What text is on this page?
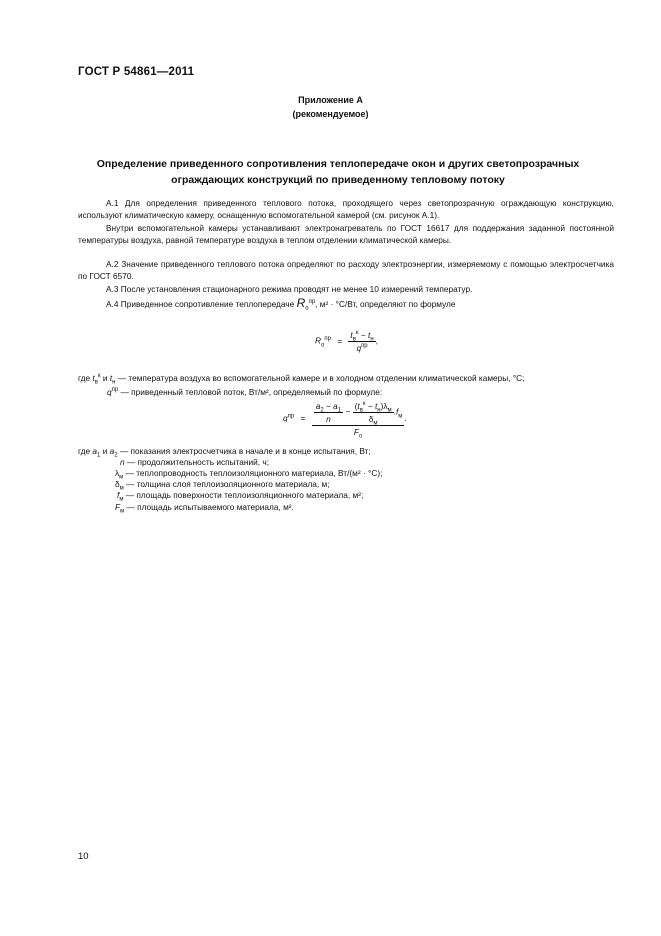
ГОСТ Р 54861—2011
Приложение А
(рекомендуемое)
Определение приведенного сопротивления теплопередаче окон и других светопрозрачных
ограждающих конструкций по приведенному тепловому потоку
А.1 Для определения приведенного теплового потока, проходящего через светопрозрачную ограждающую конструкцию, используют климатическую камеру, оснащенную вспомогательной камерой (см. рисунок А.1).
Внутри вспомогательной камеры устанавливают электронагреватель по ГОСТ 16617 для поддержания заданной постоянной температуры воздуха, равной температуре воздуха в теплом отделении климатической камеры.
А.2 Значение приведенного теплового потока определяют по расходу электроэнергии, измеряемому с помощью электросчетчика по ГОСТ 6570.
А.3 После установления стационарного режима проводят не менее 10 измерений температур.
А.4 Приведенное сопротивление теплопередаче $R_о^{пр}$, м² · °С/Вт, определяют по формуле
$R_о^{пр} = \frac{t_в^к - t_н}{q^{пр}}$ ,
где $t_в^к$ и $t_н$ — температура воздуха во вспомогательной камере и в холодном отделении климатической камеры, °С;
$q^{пр}$ — приведенный тепловой поток, Вт/м², определяемый по формуле:
$q^{пр} = \frac{a_2 - a_1}{n} - \frac{(t_в^к - t_н)\lambda_м}{\delta_м} .f_м$
$F_о$
.
где $a_1$ и $a_2$ — показания электросчетчика в начале и в конце испытания, Вт;
n — продолжительность испытаний, ч;
$\lambda_м$ — теплопроводность теплоизоляционного материала, Вт/(м² · °С);
$\delta_м$ — толщина слоя теплоизоляционного материала, м;
$f_м$ — площадь поверхности теплоизоляционного материала, м²;
$F_м$ — площадь испытываемого материала, м².
10
